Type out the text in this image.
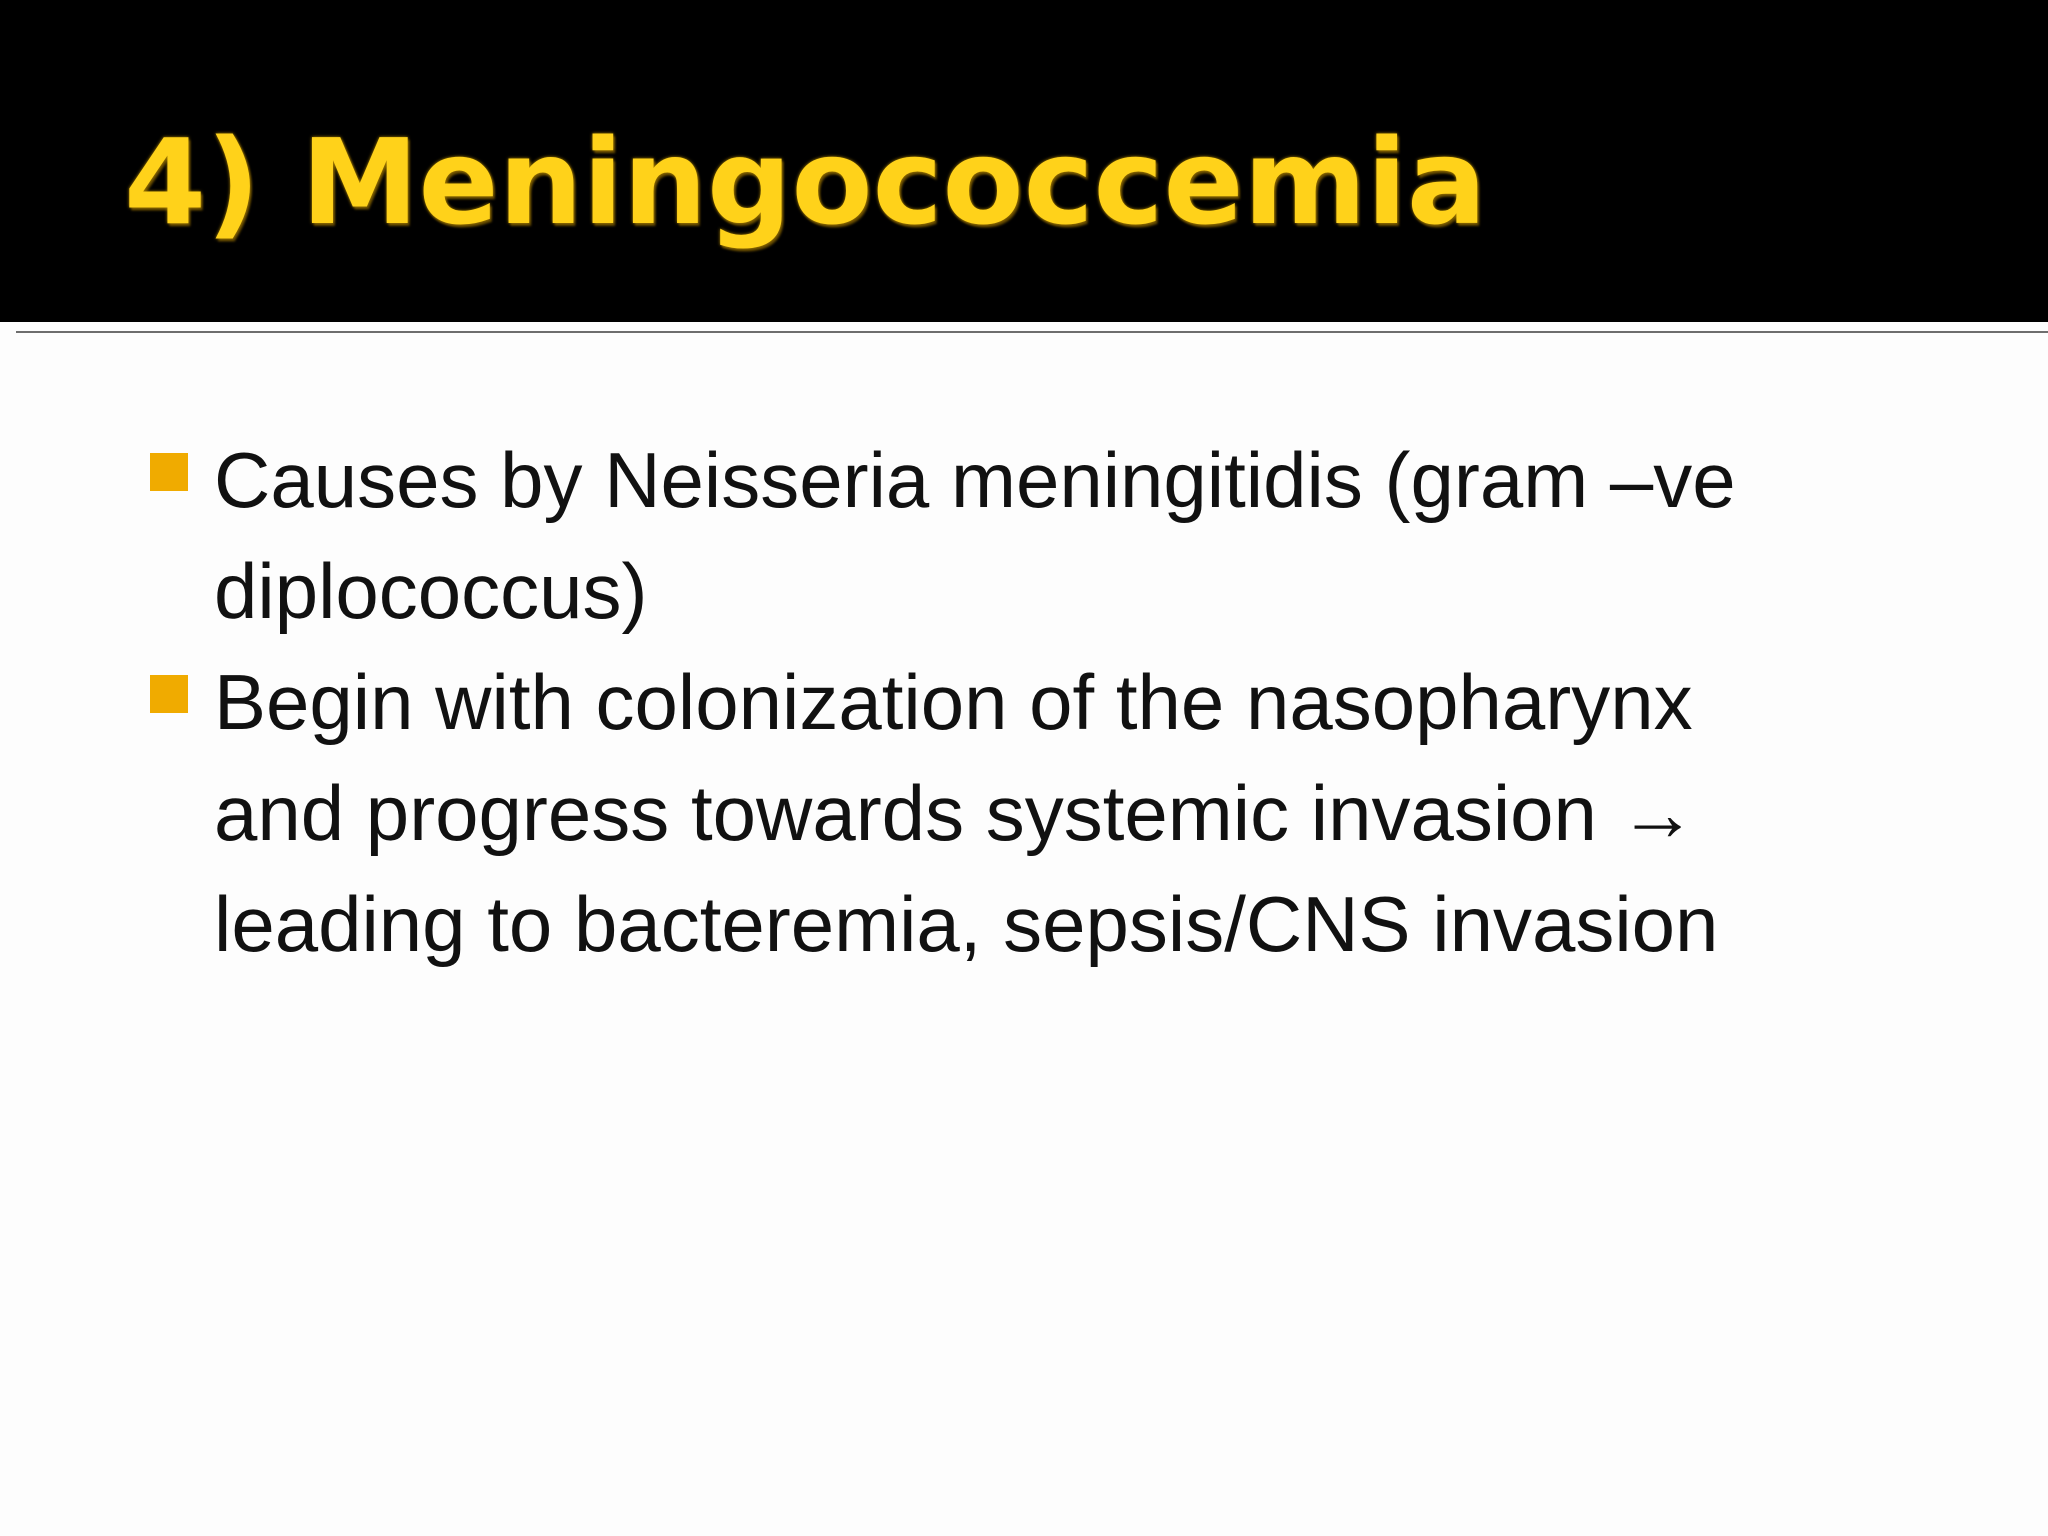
4) Meningococcemia
Causes by Neisseria meningitidis (gram –ve
diplococcus)
Begin with colonization of the nasopharynx
and progress towards systemic invasion →
leading to bacteremia, sepsis/CNS invasion
